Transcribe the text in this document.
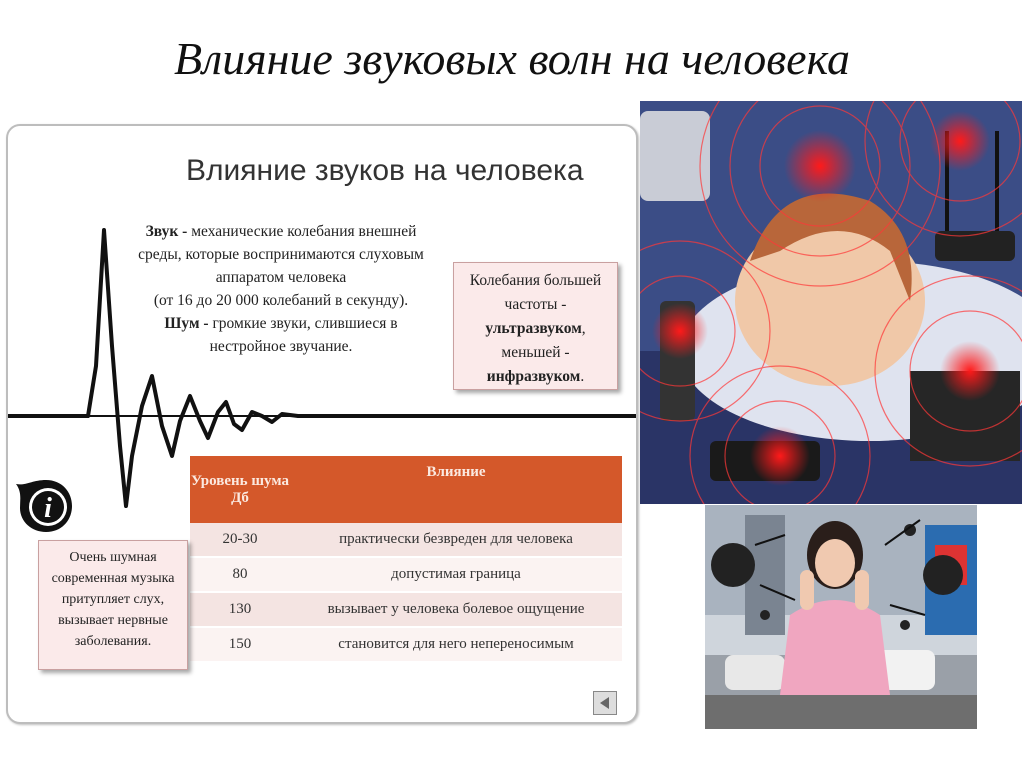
Влияние звуковых волн на человека
Влияние звуков на человека
Звук - механические колебания внешней
среды, которые воспринимаются слуховым
аппаратом человека
(от 16 до 20 000 колебаний в секунду).
Шум - громкие звуки, слившиеся в
нестройное звучание.
Колебания большей
частоты -
ультразвуком,
меньшей -
инфразвуком.
Уровень шума Дб	Влияние
20-30	практически безвреден для человека
80	допустимая граница
130	вызывает у человека болевое ощущение
150	становится для него непереносимым
i
Очень шумная
современная музыка
притупляет слух,
вызывает нервные
заболевания.
